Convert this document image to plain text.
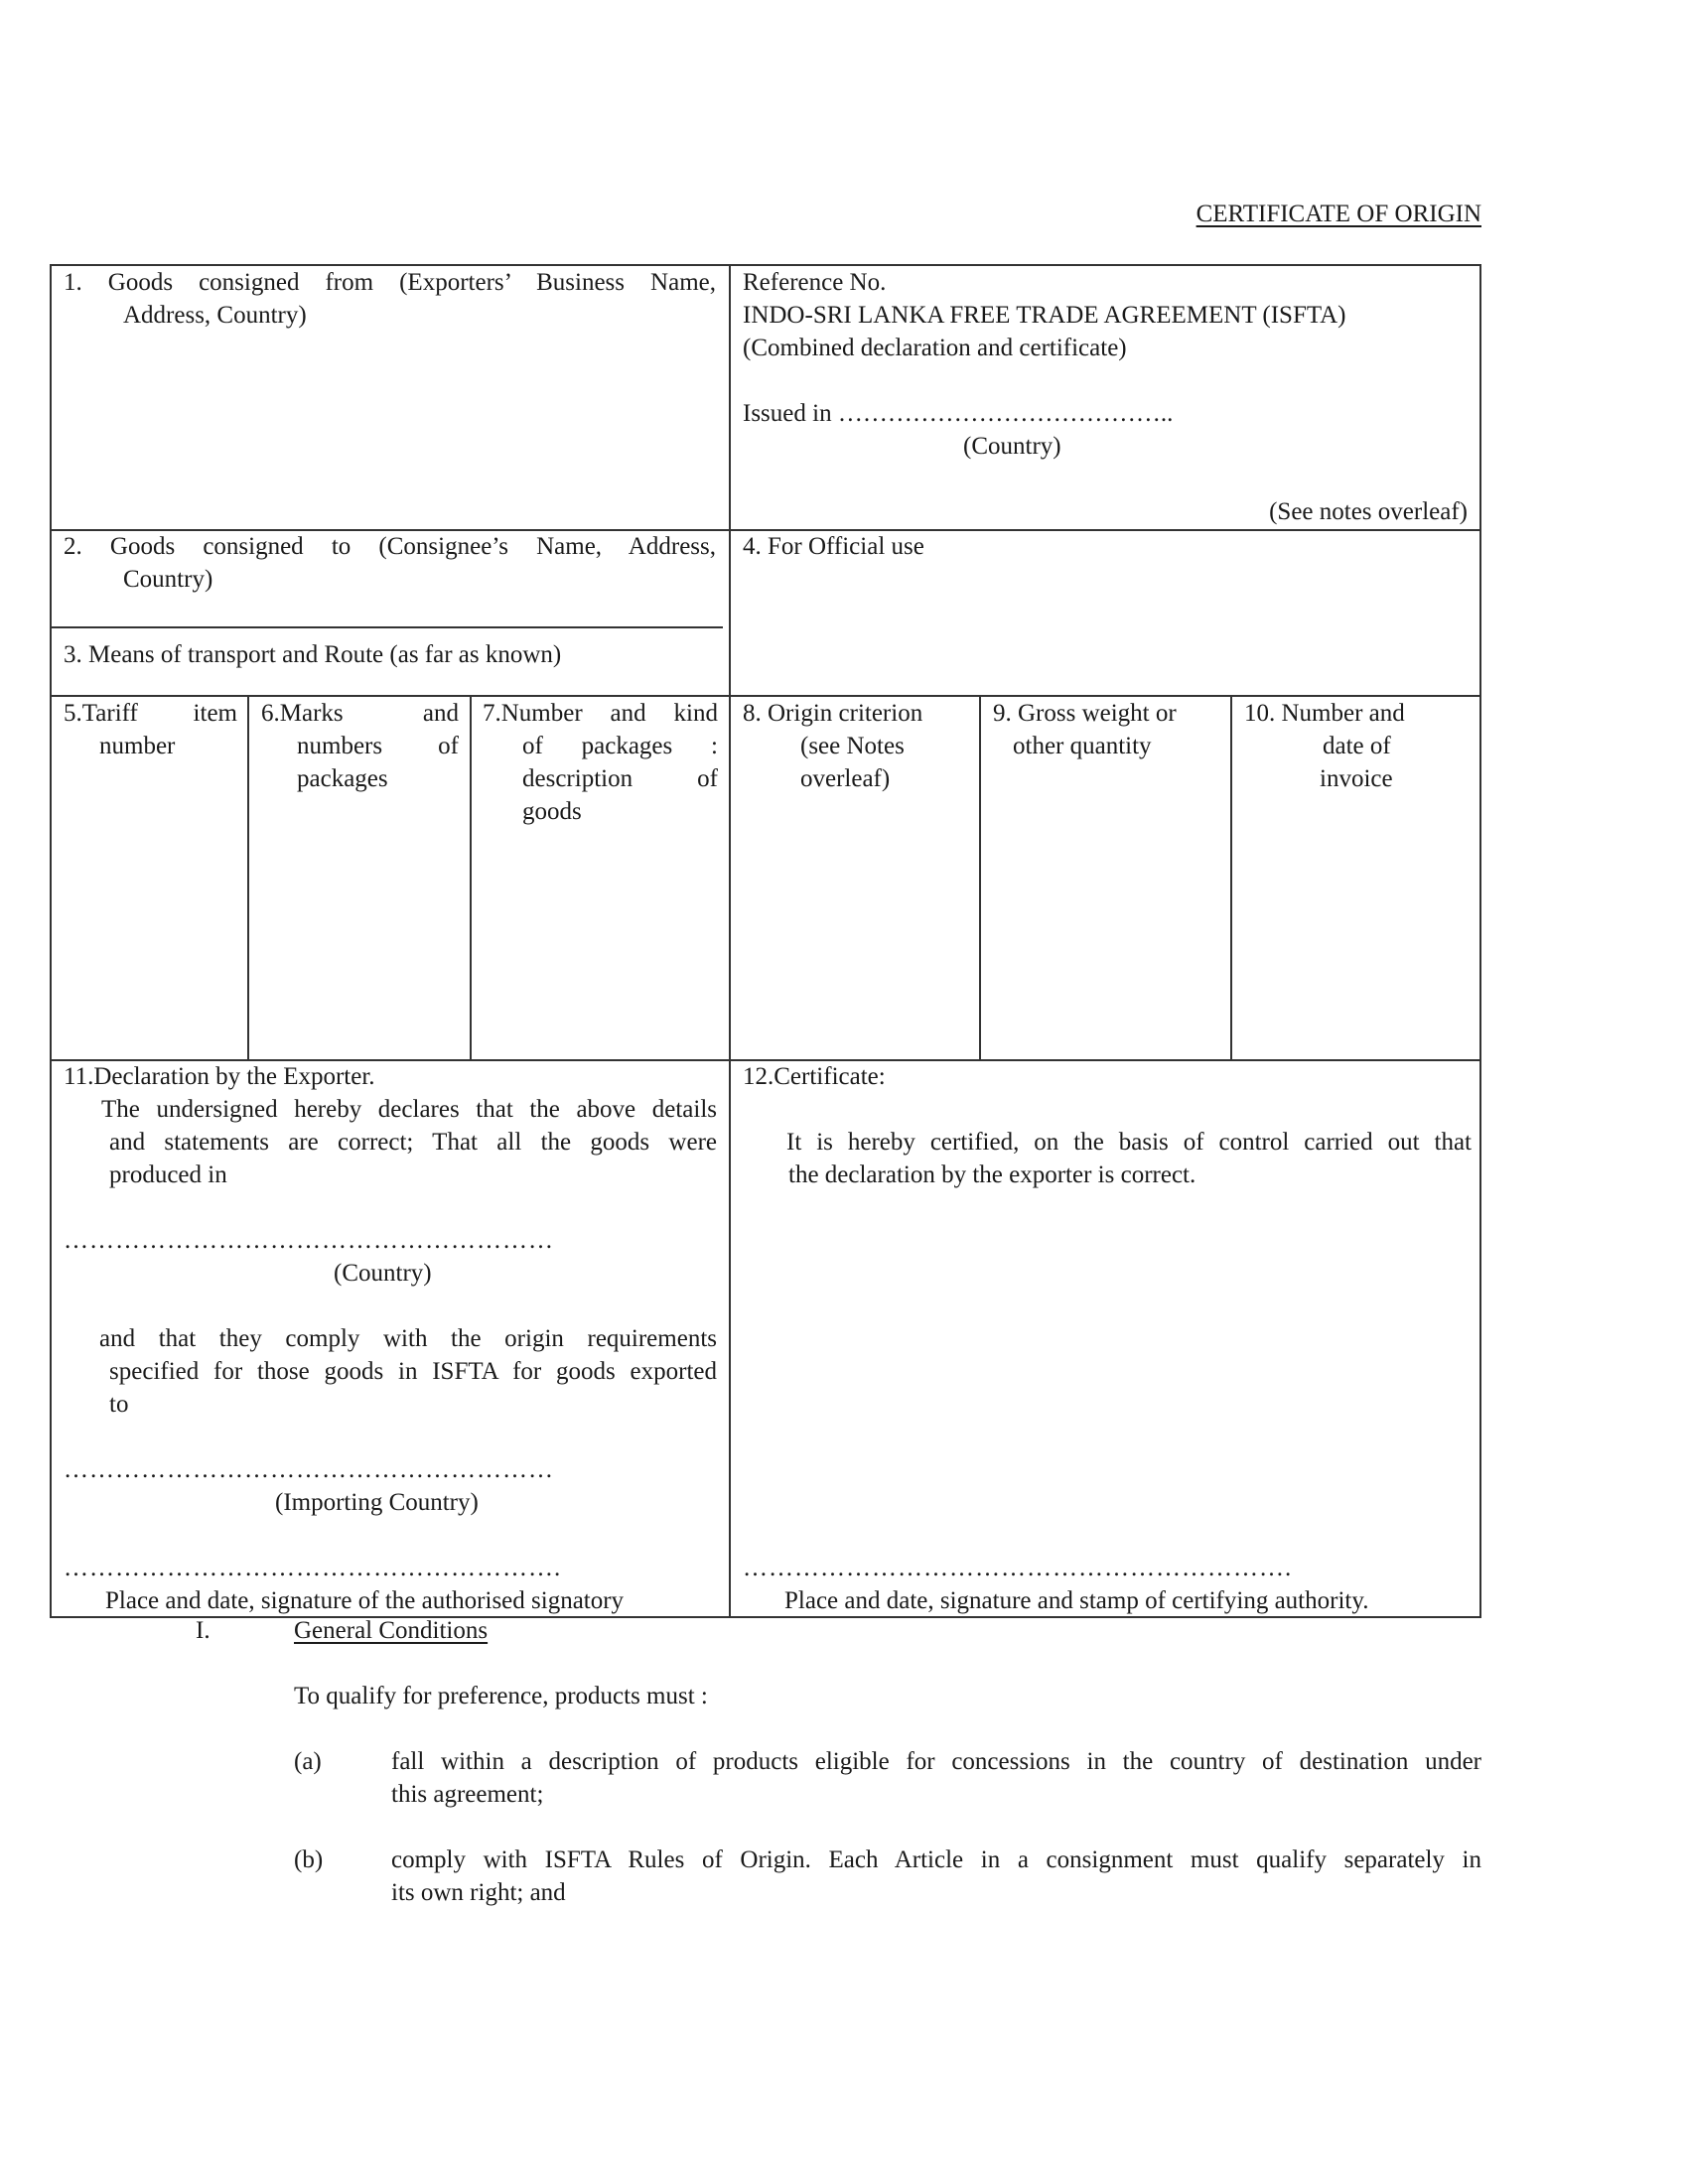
CERTIFICATE OF ORIGIN
1. Goods consigned from (Exporters’ Business Name,
Address, Country)
Reference No.
INDO-SRI LANKA FREE TRADE AGREEMENT (ISFTA)
(Combined declaration and certificate)
Issued in …………………………………..
(Country)
(See notes overleaf)
2. Goods consigned to (Consignee’s Name, Address,
Country)
3. Means of transport and Route (as far as known)
4. For Official use
5.Tariff item
number
6.Marks and
numbers of
packages
7.Number and kind
of packages :
description of
goods
8. Origin criterion
(see Notes
overleaf)
9. Gross weight or
other quantity
10. Number and
date of
invoice
11.Declaration by the Exporter.
The undersigned hereby declares that the above details
and statements are correct; That all the goods were
produced in
…………………………………………………
(Country)
and that they comply with the origin requirements
specified for those goods in ISFTA for goods exported
to
…………………………………………………
(Importing Country)
………………………………………………….
Place and date, signature of the authorised signatory
12.Certificate:
It is hereby certified, on the basis of control carried out that
the declaration by the exporter is correct.
……………………………………………………….
Place and date, signature and stamp of certifying authority.
I.	General Conditions
To qualify for preference, products must :
(a)	fall within a description of products eligible for concessions in the country of destination under
this agreement;
(b)	comply with ISFTA Rules of Origin. Each Article in a consignment must qualify separately in
its own right; and
